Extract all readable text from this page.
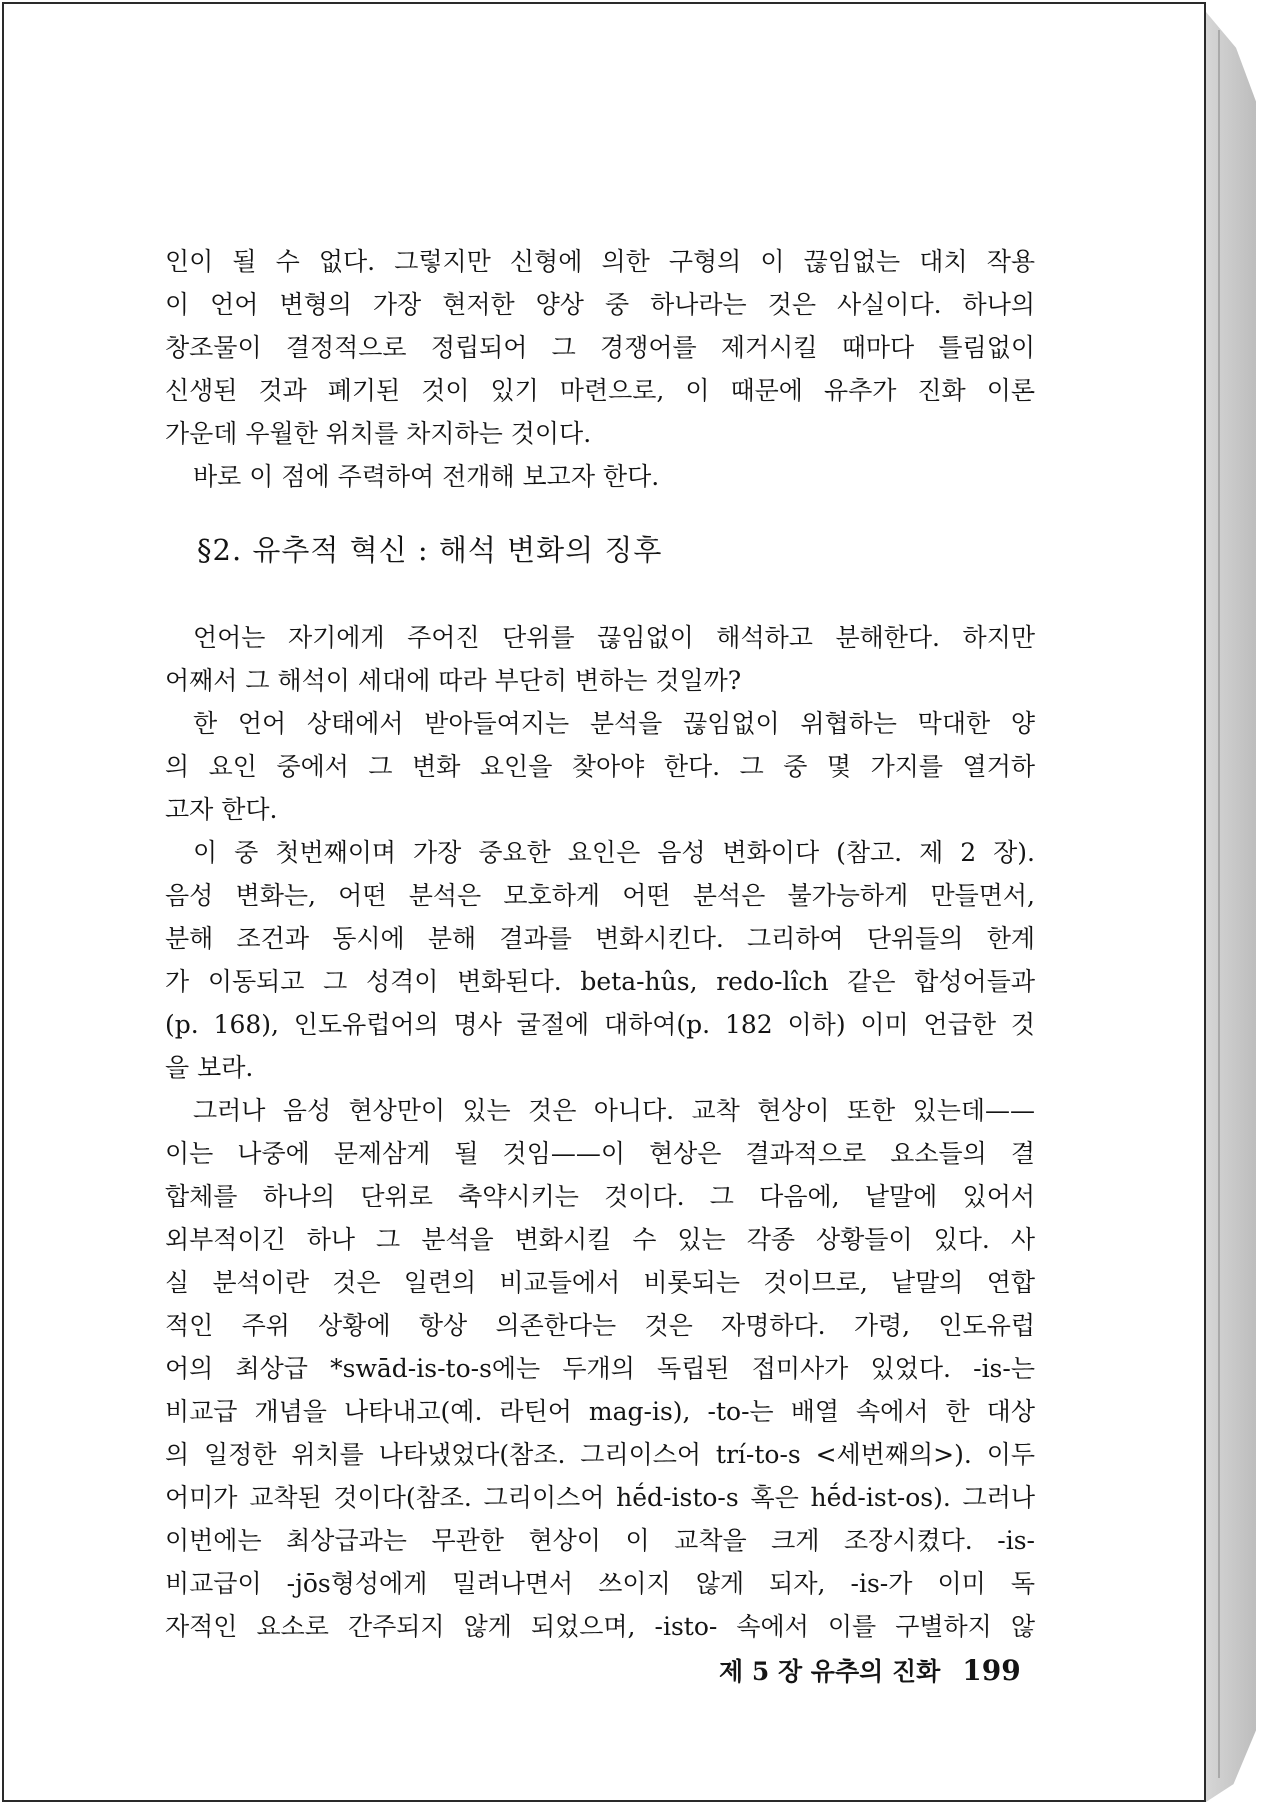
인이 될 수 없다. 그렇지만 신형에 의한 구형의 이 끊임없는 대치 작용
이 언어 변형의 가장 현저한 양상 중 하나라는 것은 사실이다. 하나의
창조물이 결정적으로 정립되어 그 경쟁어를 제거시킬 때마다 틀림없이
신생된 것과 폐기된 것이 있기 마련으로, 이 때문에 유추가 진화 이론
가운데 우월한 위치를 차지하는 것이다.
바로 이 점에 주력하여 전개해 보고자 한다.
§2. 유추적 혁신 : 해석 변화의 징후
언어는 자기에게 주어진 단위를 끊임없이 해석하고 분해한다. 하지만
어째서 그 해석이 세대에 따라 부단히 변하는 것일까?
한 언어 상태에서 받아들여지는 분석을 끊임없이 위협하는 막대한 양
의 요인 중에서 그 변화 요인을 찾아야 한다. 그 중 몇 가지를 열거하
고자 한다.
이 중 첫번째이며 가장 중요한 요인은 음성 변화이다 (참고. 제 2 장).
음성 변화는, 어떤 분석은 모호하게 어떤 분석은 불가능하게 만들면서,
분해 조건과 동시에 분해 결과를 변화시킨다. 그리하여 단위들의 한계
가 이동되고 그 성격이 변화된다. beta-hûs, redo-lîch 같은 합성어들과
(p. 168), 인도유럽어의 명사 굴절에 대하여(p. 182 이하) 이미 언급한 것
을 보라.
그러나 음성 현상만이 있는 것은 아니다. 교착 현상이 또한 있는데——
이는 나중에 문제삼게 될 것임——이 현상은 결과적으로 요소들의 결
합체를 하나의 단위로 축약시키는 것이다. 그 다음에, 낱말에 있어서
외부적이긴 하나 그 분석을 변화시킬 수 있는 각종 상황들이 있다. 사
실 분석이란 것은 일련의 비교들에서 비롯되는 것이므로, 낱말의 연합
적인 주위 상황에 항상 의존한다는 것은 자명하다. 가령, 인도유럽
어의 최상급 *swād-is-to-s에는 두개의 독립된 접미사가 있었다. -is-는
비교급 개념을 나타내고(예. 라틴어 mag-is), -to-는 배열 속에서 한 대상
의 일정한 위치를 나타냈었다(참조. 그리이스어 trí-to-s <세번째의>). 이두
어미가 교착된 것이다(참조. 그리이스어 hḗd-isto-s 혹은 hḗd-ist-os). 그러나
이번에는 최상급과는 무관한 현상이 이 교착을 크게 조장시켰다. -is-
비교급이 -jōs형성에게 밀려나면서 쓰이지 않게 되자, -is-가 이미 독
자적인 요소로 간주되지 않게 되었으며, -isto- 속에서 이를 구별하지 않
제 5 장 유추의 진화 199
